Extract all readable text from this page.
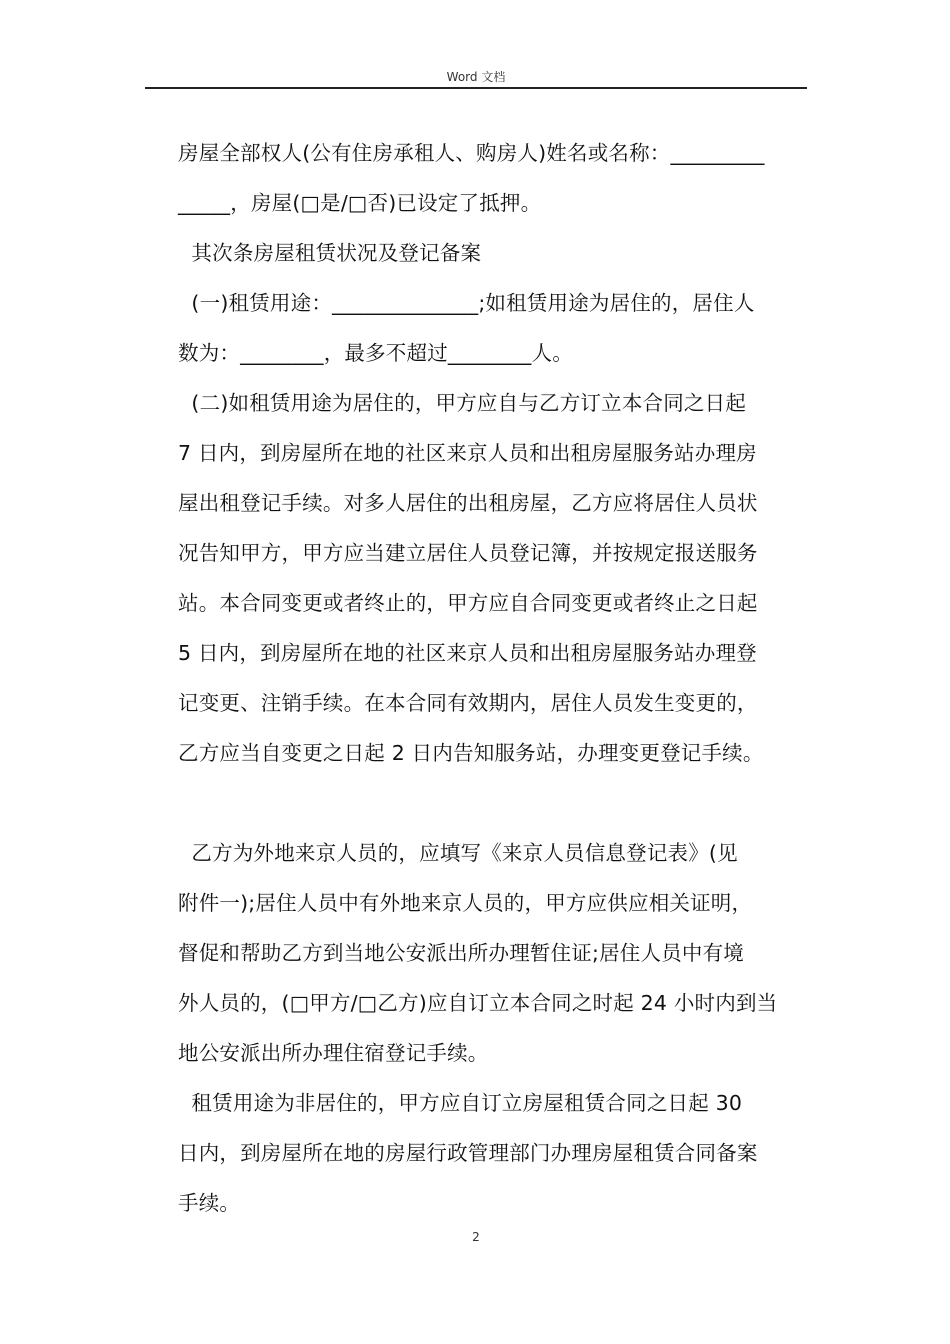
Word 文档

房屋全部权人(公有住房承租人、购房人)姓名或名称：_________

_____，房屋(□是/□否)已设定了抵押。

其次条房屋租赁状况及登记备案

(一)租赁用途：______________;如租赁用途为居住的，居住人

数为：________，最多不超过________人。

(二)如租赁用途为居住的，甲方应自与乙方订立本合同之日起

7 日内，到房屋所在地的社区来京人员和出租房屋服务站办理房

屋出租登记手续。对多人居住的出租房屋，乙方应将居住人员状

况告知甲方，甲方应当建立居住人员登记簿，并按规定报送服务

站。本合同变更或者终止的，甲方应自合同变更或者终止之日起

5 日内，到房屋所在地的社区来京人员和出租房屋服务站办理登

记变更、注销手续。在本合同有效期内，居住人员发生变更的，

乙方应当自变更之日起 2 日内告知服务站，办理变更登记手续。

乙方为外地来京人员的，应填写《来京人员信息登记表》(见

附件一);居住人员中有外地来京人员的，甲方应供应相关证明，

督促和帮助乙方到当地公安派出所办理暂住证;居住人员中有境

外人员的，(□甲方/□乙方)应自订立本合同之时起 24 小时内到当

地公安派出所办理住宿登记手续。

租赁用途为非居住的，甲方应自订立房屋租赁合同之日起 30

日内，到房屋所在地的房屋行政管理部门办理房屋租赁合同备案

手续。

2
